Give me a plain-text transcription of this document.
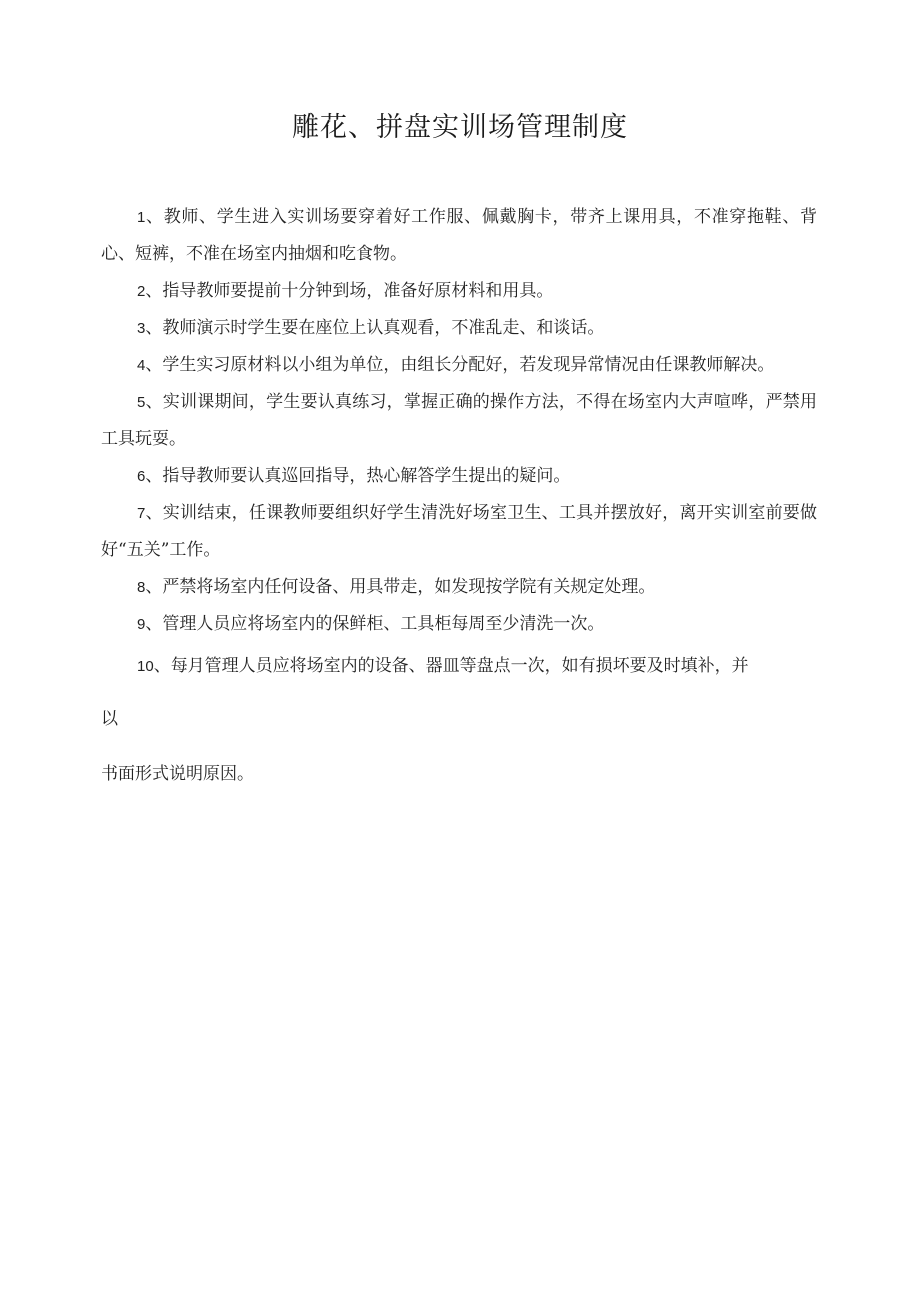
雕花、拼盘实训场管理制度

1、教师、学生进入实训场要穿着好工作服、佩戴胸卡，带齐上课用具，不准穿拖鞋、背心、短裤，不准在场室内抽烟和吃食物。

2、指导教师要提前十分钟到场，准备好原材料和用具。

3、教师演示时学生要在座位上认真观看，不准乱走、和谈话。

4、学生实习原材料以小组为单位，由组长分配好，若发现异常情况由任课教师解决。

5、实训课期间，学生要认真练习，掌握正确的操作方法，不得在场室内大声喧哗，严禁用工具玩耍。

6、指导教师要认真巡回指导，热心解答学生提出的疑问。

7、实训结束，任课教师要组织好学生清洗好场室卫生、工具并摆放好，离开实训室前要做好“五关”工作。

8、严禁将场室内任何设备、用具带走，如发现按学院有关规定处理。

9、管理人员应将场室内的保鲜柜、工具柜每周至少清洗一次。

10、每月管理人员应将场室内的设备、器皿等盘点一次，如有损坏要及时填补，并

以

书面形式说明原因。
